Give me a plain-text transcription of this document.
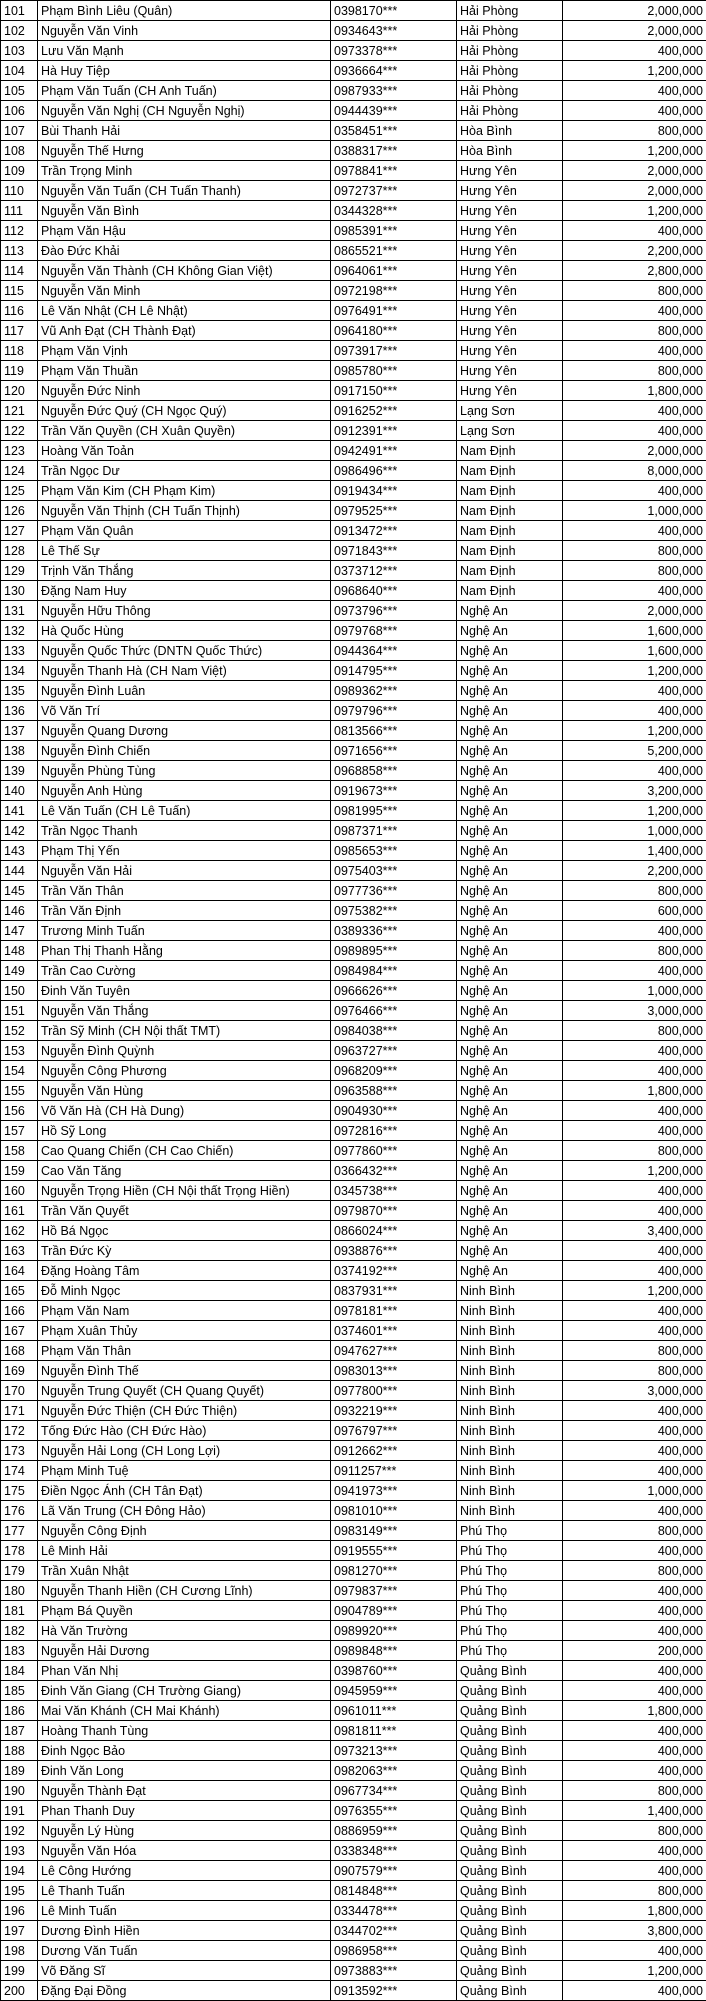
101	Phạm Bình Liêu (Quân)	0398170***	Hải Phòng	2,000,000
102	Nguyễn Văn Vinh	0934643***	Hải Phòng	2,000,000
103	Lưu Văn Mạnh	0973378***	Hải Phòng	400,000
104	Hà Huy Tiệp	0936664***	Hải Phòng	1,200,000
105	Phạm Văn Tuấn (CH Anh Tuấn)	0987933***	Hải Phòng	400,000
106	Nguyễn Văn Nghị (CH Nguyễn Nghị)	0944439***	Hải Phòng	400,000
107	Bùi Thanh Hải	0358451***	Hòa Bình	800,000
108	Nguyễn Thế Hưng	0388317***	Hòa Bình	1,200,000
109	Trần Trọng Minh	0978841***	Hưng Yên	2,000,000
110	Nguyễn Văn Tuấn (CH Tuấn Thanh)	0972737***	Hưng Yên	2,000,000
111	Nguyễn Văn Bình	0344328***	Hưng Yên	1,200,000
112	Phạm Văn Hậu	0985391***	Hưng Yên	400,000
113	Đào Đức Khải	0865521***	Hưng Yên	2,200,000
114	Nguyễn Văn Thành (CH Không Gian Việt)	0964061***	Hưng Yên	2,800,000
115	Nguyễn Văn Minh	0972198***	Hưng Yên	800,000
116	Lê Văn Nhật (CH Lê Nhật)	0976491***	Hưng Yên	400,000
117	Vũ Anh Đạt (CH Thành Đạt)	0964180***	Hưng Yên	800,000
118	Phạm Văn Vịnh	0973917***	Hưng Yên	400,000
119	Phạm Văn Thuần	0985780***	Hưng Yên	800,000
120	Nguyễn Đức Ninh	0917150***	Hưng Yên	1,800,000
121	Nguyễn Đức Quý (CH Ngọc Quý)	0916252***	Lạng Sơn	400,000
122	Trần Văn Quyền (CH Xuân Quyền)	0912391***	Lạng Sơn	400,000
123	Hoàng Văn Toản	0942491***	Nam Định	2,000,000
124	Trần Ngọc Dư	0986496***	Nam Định	8,000,000
125	Phạm Văn Kim (CH Phạm Kim)	0919434***	Nam Định	400,000
126	Nguyễn Văn Thịnh (CH Tuấn Thịnh)	0979525***	Nam Định	1,000,000
127	Phạm Văn Quân	0913472***	Nam Định	400,000
128	Lê Thế Sự	0971843***	Nam Định	800,000
129	Trịnh Văn Thắng	0373712***	Nam Định	800,000
130	Đặng Nam Huy	0968640***	Nam Định	400,000
131	Nguyễn Hữu Thông	0973796***	Nghệ An	2,000,000
132	Hà Quốc Hùng	0979768***	Nghệ An	1,600,000
133	Nguyễn Quốc Thức (DNTN Quốc Thức)	0944364***	Nghệ An	1,600,000
134	Nguyễn Thanh Hà (CH Nam Việt)	0914795***	Nghệ An	1,200,000
135	Nguyễn Đình Luân	0989362***	Nghệ An	400,000
136	Võ Văn Trí	0979796***	Nghệ An	400,000
137	Nguyễn Quang Dương	0813566***	Nghệ An	1,200,000
138	Nguyễn Đình Chiến	0971656***	Nghệ An	5,200,000
139	Nguyễn Phùng Tùng	0968858***	Nghệ An	400,000
140	Nguyễn Anh Hùng	0919673***	Nghệ An	3,200,000
141	Lê Văn Tuấn (CH Lê Tuấn)	0981995***	Nghệ An	1,200,000
142	Trần Ngọc Thanh	0987371***	Nghệ An	1,000,000
143	Phạm Thị Yến	0985653***	Nghệ An	1,400,000
144	Nguyễn Văn Hải	0975403***	Nghệ An	2,200,000
145	Trần Văn Thân	0977736***	Nghệ An	800,000
146	Trần Văn Định	0975382***	Nghệ An	600,000
147	Trương Minh Tuấn	0389336***	Nghệ An	400,000
148	Phan Thị Thanh Hằng	0989895***	Nghệ An	800,000
149	Trần Cao Cường	0984984***	Nghệ An	400,000
150	Đinh Văn Tuyên	0966626***	Nghệ An	1,000,000
151	Nguyễn Văn Thắng	0976466***	Nghệ An	3,000,000
152	Trần Sỹ Minh (CH Nội thất TMT)	0984038***	Nghệ An	800,000
153	Nguyễn Đình Quỳnh	0963727***	Nghệ An	400,000
154	Nguyễn Công Phương	0968209***	Nghệ An	400,000
155	Nguyễn Văn Hùng	0963588***	Nghệ An	1,800,000
156	Võ Văn Hà (CH Hà Dung)	0904930***	Nghệ An	400,000
157	Hồ Sỹ Long	0972816***	Nghệ An	400,000
158	Cao Quang Chiến (CH Cao Chiến)	0977860***	Nghệ An	800,000
159	Cao Văn Tăng	0366432***	Nghệ An	1,200,000
160	Nguyễn Trọng Hiền (CH Nội thất Trọng Hiền)	0345738***	Nghệ An	400,000
161	Trần Văn Quyết	0979870***	Nghệ An	400,000
162	Hồ Bá Ngọc	0866024***	Nghệ An	3,400,000
163	Trần Đức Kỳ	0938876***	Nghệ An	400,000
164	Đặng Hoàng Tâm	0374192***	Nghệ An	400,000
165	Đỗ Minh Ngọc	0837931***	Ninh Bình	1,200,000
166	Phạm Văn Nam	0978181***	Ninh Bình	400,000
167	Phạm Xuân Thủy	0374601***	Ninh Bình	400,000
168	Phạm Văn Thân	0947627***	Ninh Bình	800,000
169	Nguyễn Đình Thế	0983013***	Ninh Bình	800,000
170	Nguyễn Trung Quyết (CH Quang Quyết)	0977800***	Ninh Bình	3,000,000
171	Nguyễn Đức Thiện (CH Đức Thiện)	0932219***	Ninh Bình	400,000
172	Tống Đức Hào (CH Đức Hào)	0976797***	Ninh Bình	400,000
173	Nguyễn Hải Long (CH Long Lợi)	0912662***	Ninh Bình	400,000
174	Phạm Minh Tuệ	0911257***	Ninh Bình	400,000
175	Điền Ngọc Ánh (CH Tân Đạt)	0941973***	Ninh Bình	1,000,000
176	Lã Văn Trung (CH Đông Hảo)	0981010***	Ninh Bình	400,000
177	Nguyễn Công Định	0983149***	Phú Thọ	800,000
178	Lê Minh Hải	0919555***	Phú Thọ	400,000
179	Trần Xuân Nhật	0981270***	Phú Thọ	800,000
180	Nguyễn Thanh Hiền (CH Cương Lĩnh)	0979837***	Phú Thọ	400,000
181	Phạm Bá Quyền	0904789***	Phú Thọ	400,000
182	Hà Văn Trường	0989920***	Phú Thọ	400,000
183	Nguyễn Hải Dương	0989848***	Phú Thọ	200,000
184	Phan Văn Nhị	0398760***	Quảng Bình	400,000
185	Đinh Văn Giang (CH Trường Giang)	0945959***	Quảng Bình	400,000
186	Mai Văn Khánh (CH Mai Khánh)	0961011***	Quảng Bình	1,800,000
187	Hoàng Thanh Tùng	0981811***	Quảng Bình	400,000
188	Đinh Ngọc Bảo	0973213***	Quảng Bình	400,000
189	Đinh Văn Long	0982063***	Quảng Bình	400,000
190	Nguyễn Thành Đạt	0967734***	Quảng Bình	800,000
191	Phan Thanh Duy	0976355***	Quảng Bình	1,400,000
192	Nguyễn Lý Hùng	0886959***	Quảng Bình	800,000
193	Nguyễn Văn Hóa	0338348***	Quảng Bình	400,000
194	Lê Công Hướng	0907579***	Quảng Bình	400,000
195	Lê Thanh Tuấn	0814848***	Quảng Bình	800,000
196	Lê Minh Tuấn	0334478***	Quảng Bình	1,800,000
197	Dương Đình Hiền	0344702***	Quảng Bình	3,800,000
198	Dương Văn Tuấn	0986958***	Quảng Bình	400,000
199	Võ Đăng Sĩ	0973883***	Quảng Bình	1,200,000
200	Đặng Đại Đồng	0913592***	Quảng Bình	400,000
